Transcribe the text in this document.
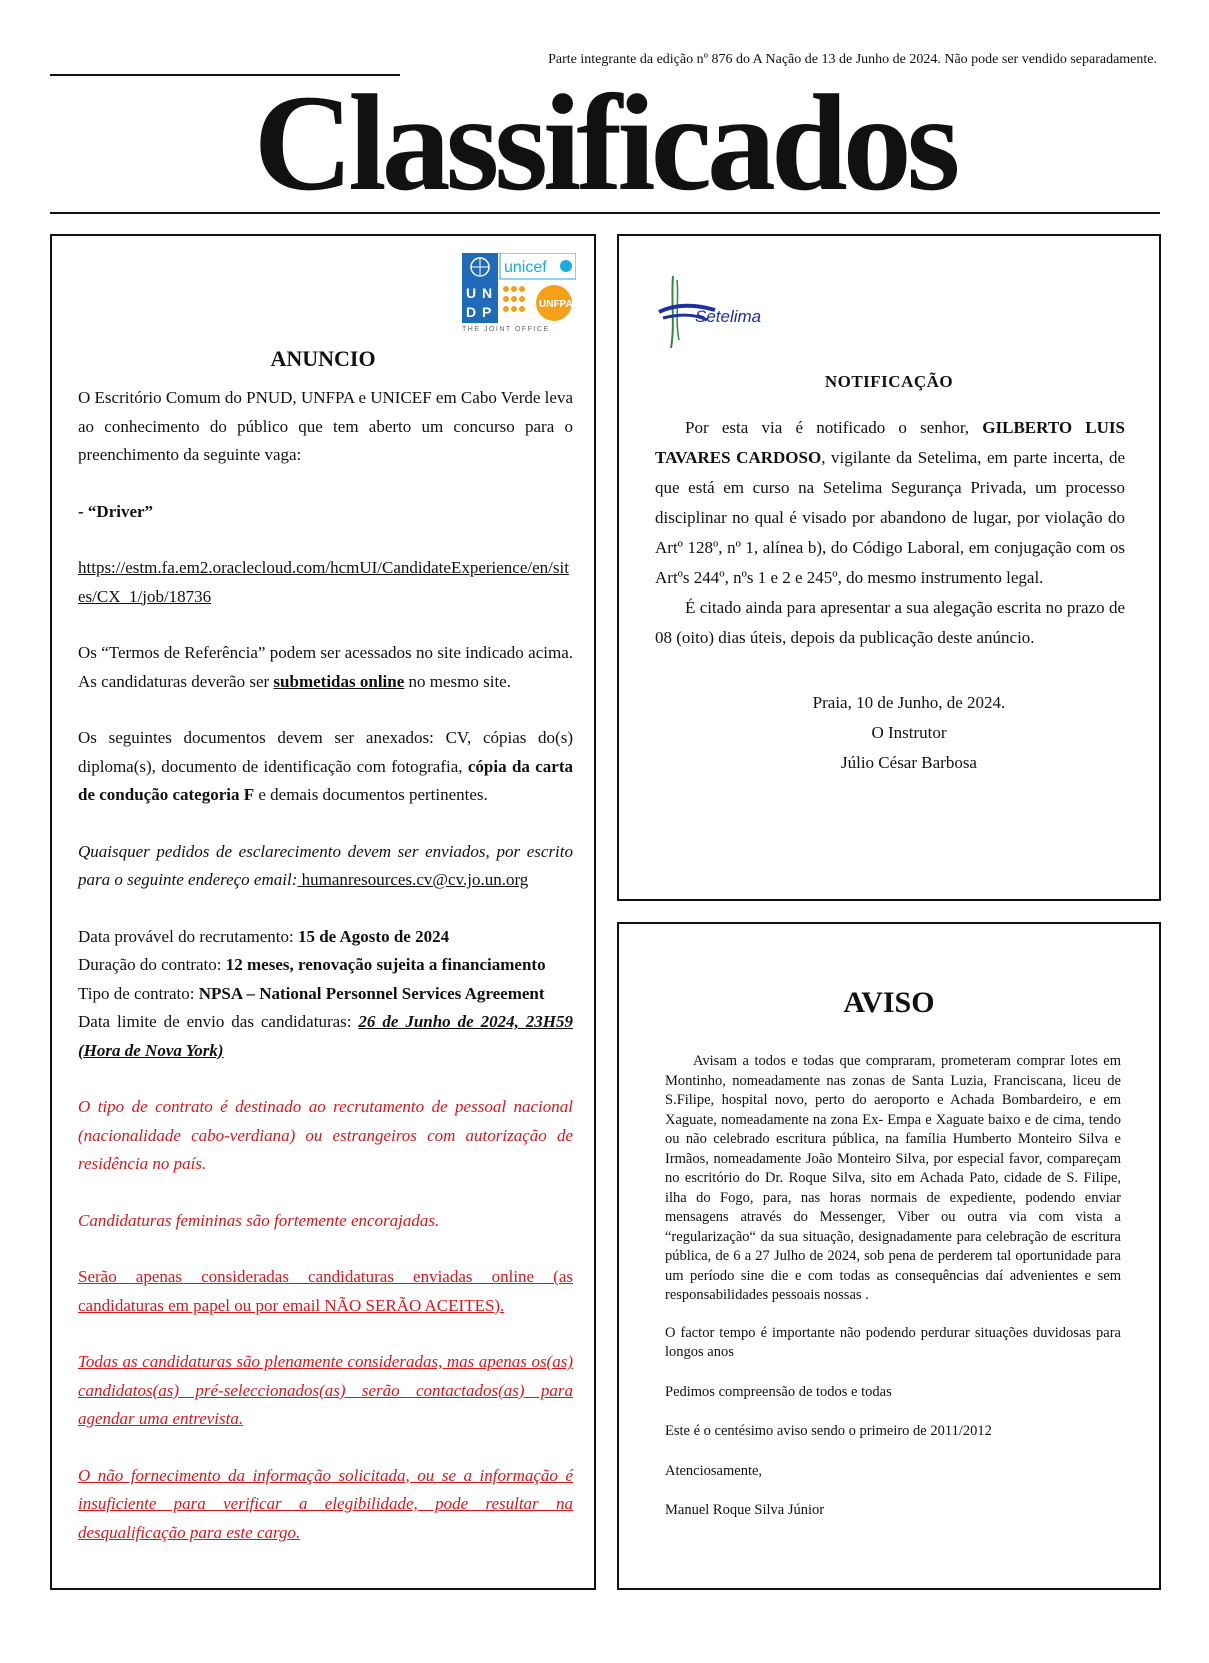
Parte integrante da edição nº 876 do A Nação de 13 de Junho de 2024. Não pode ser vendido separadamente.
Classificados
U N
D P
unicef
UNFPA
THE JOINT OFFICE
ANUNCIO

O Escritório Comum do PNUD, UNFPA e UNICEF em Cabo Verde leva ao conhecimento do público que tem aberto um concurso para o preenchimento da seguinte vaga:

- “Driver”

https://estm.fa.em2.oraclecloud.com/hcmUI/CandidateExperience/en/sites/CX_1/job/18736

Os “Termos de Referência” podem ser acessados no site indicado acima. As candidaturas deverão ser submetidas online no mesmo site.

Os seguintes documentos devem ser anexados: CV, cópias do(s) diploma(s), documento de identificação com fotografia, cópia da carta de condução categoria F e demais documentos pertinentes.

Quaisquer pedidos de esclarecimento devem ser enviados, por escrito para o seguinte endereço email: humanresources.cv@cv.jo.un.org

Data provável do recrutamento: 15 de Agosto de 2024

Duração do contrato: 12 meses, renovação sujeita a financiamento

Tipo de contrato: NPSA – National Personnel Services Agreement

Data limite de envio das candidaturas: 26 de Junho de 2024, 23H59 (Hora de Nova York)

O tipo de contrato é destinado ao recrutamento de pessoal nacional (nacionalidade cabo-verdiana) ou estrangeiros com autorização de residência no país.

Candidaturas femininas são fortemente encorajadas.

Serão apenas consideradas candidaturas enviadas online (as candidaturas em papel ou por email NÃO SERÃO ACEITES).

Todas as candidaturas são plenamente consideradas, mas apenas os(as) candidatos(as) pré-seleccionados(as) serão contactados(as) para agendar uma entrevista.

O não fornecimento da informação solicitada, ou se a informação é insuficiente para verificar a elegibilidade, pode resultar na desqualificação para este cargo.

Setelima
NOTIFICAÇÃO

Por esta via é notificado o senhor, GILBERTO LUIS TAVARES CARDOSO, vigilante da Setelima, em parte incerta, de que está em curso na Setelima Segurança Privada, um processo disciplinar no qual é visado por abandono de lugar, por violação do Artº 128º, nº 1, alínea b), do Código Laboral, em conjugação com os Artºs 244º, nºs 1 e 2 e 245º, do mesmo instrumento legal.

É citado ainda para apresentar a sua alegação escrita no prazo de 08 (oito) dias úteis, depois da publicação deste anúncio.

Praia, 10 de Junho, de 2024.
O Instrutor
Júlio César Barbosa
AVISO

Avisam a todos e todas que compraram, prometeram comprar lotes em Montinho, nomeadamente nas zonas de Santa Luzia, Franciscana, liceu de S.Filipe, hospital novo, perto do aeroporto e Achada Bombardeiro, e em Xaguate, nomeadamente na zona Ex- Empa e Xaguate baixo e de cima, tendo ou não celebrado escritura pública, na família Humberto Monteiro Silva e Irmãos, nomeadamente João Monteiro Silva, por especial favor, compareçam no escritório do Dr. Roque Silva, sito em Achada Pato, cidade de S. Filipe, ilha do Fogo, para, nas horas normais de expediente, podendo enviar mensagens através do Messenger, Viber ou outra via com vista a “regularização“ da sua situação, designadamente para celebração de escritura pública, de 6 a 27 Julho de 2024, sob pena de perderem tal oportunidade para um período sine die e com todas as consequências daí advenientes e sem responsabilidades pessoais nossas .

O factor tempo é importante não podendo perdurar situações duvidosas para longos anos

Pedimos compreensão de todos e todas

Este é o centésimo aviso sendo o primeiro de 2011/2012

Atenciosamente,

Manuel Roque Silva Júnior
